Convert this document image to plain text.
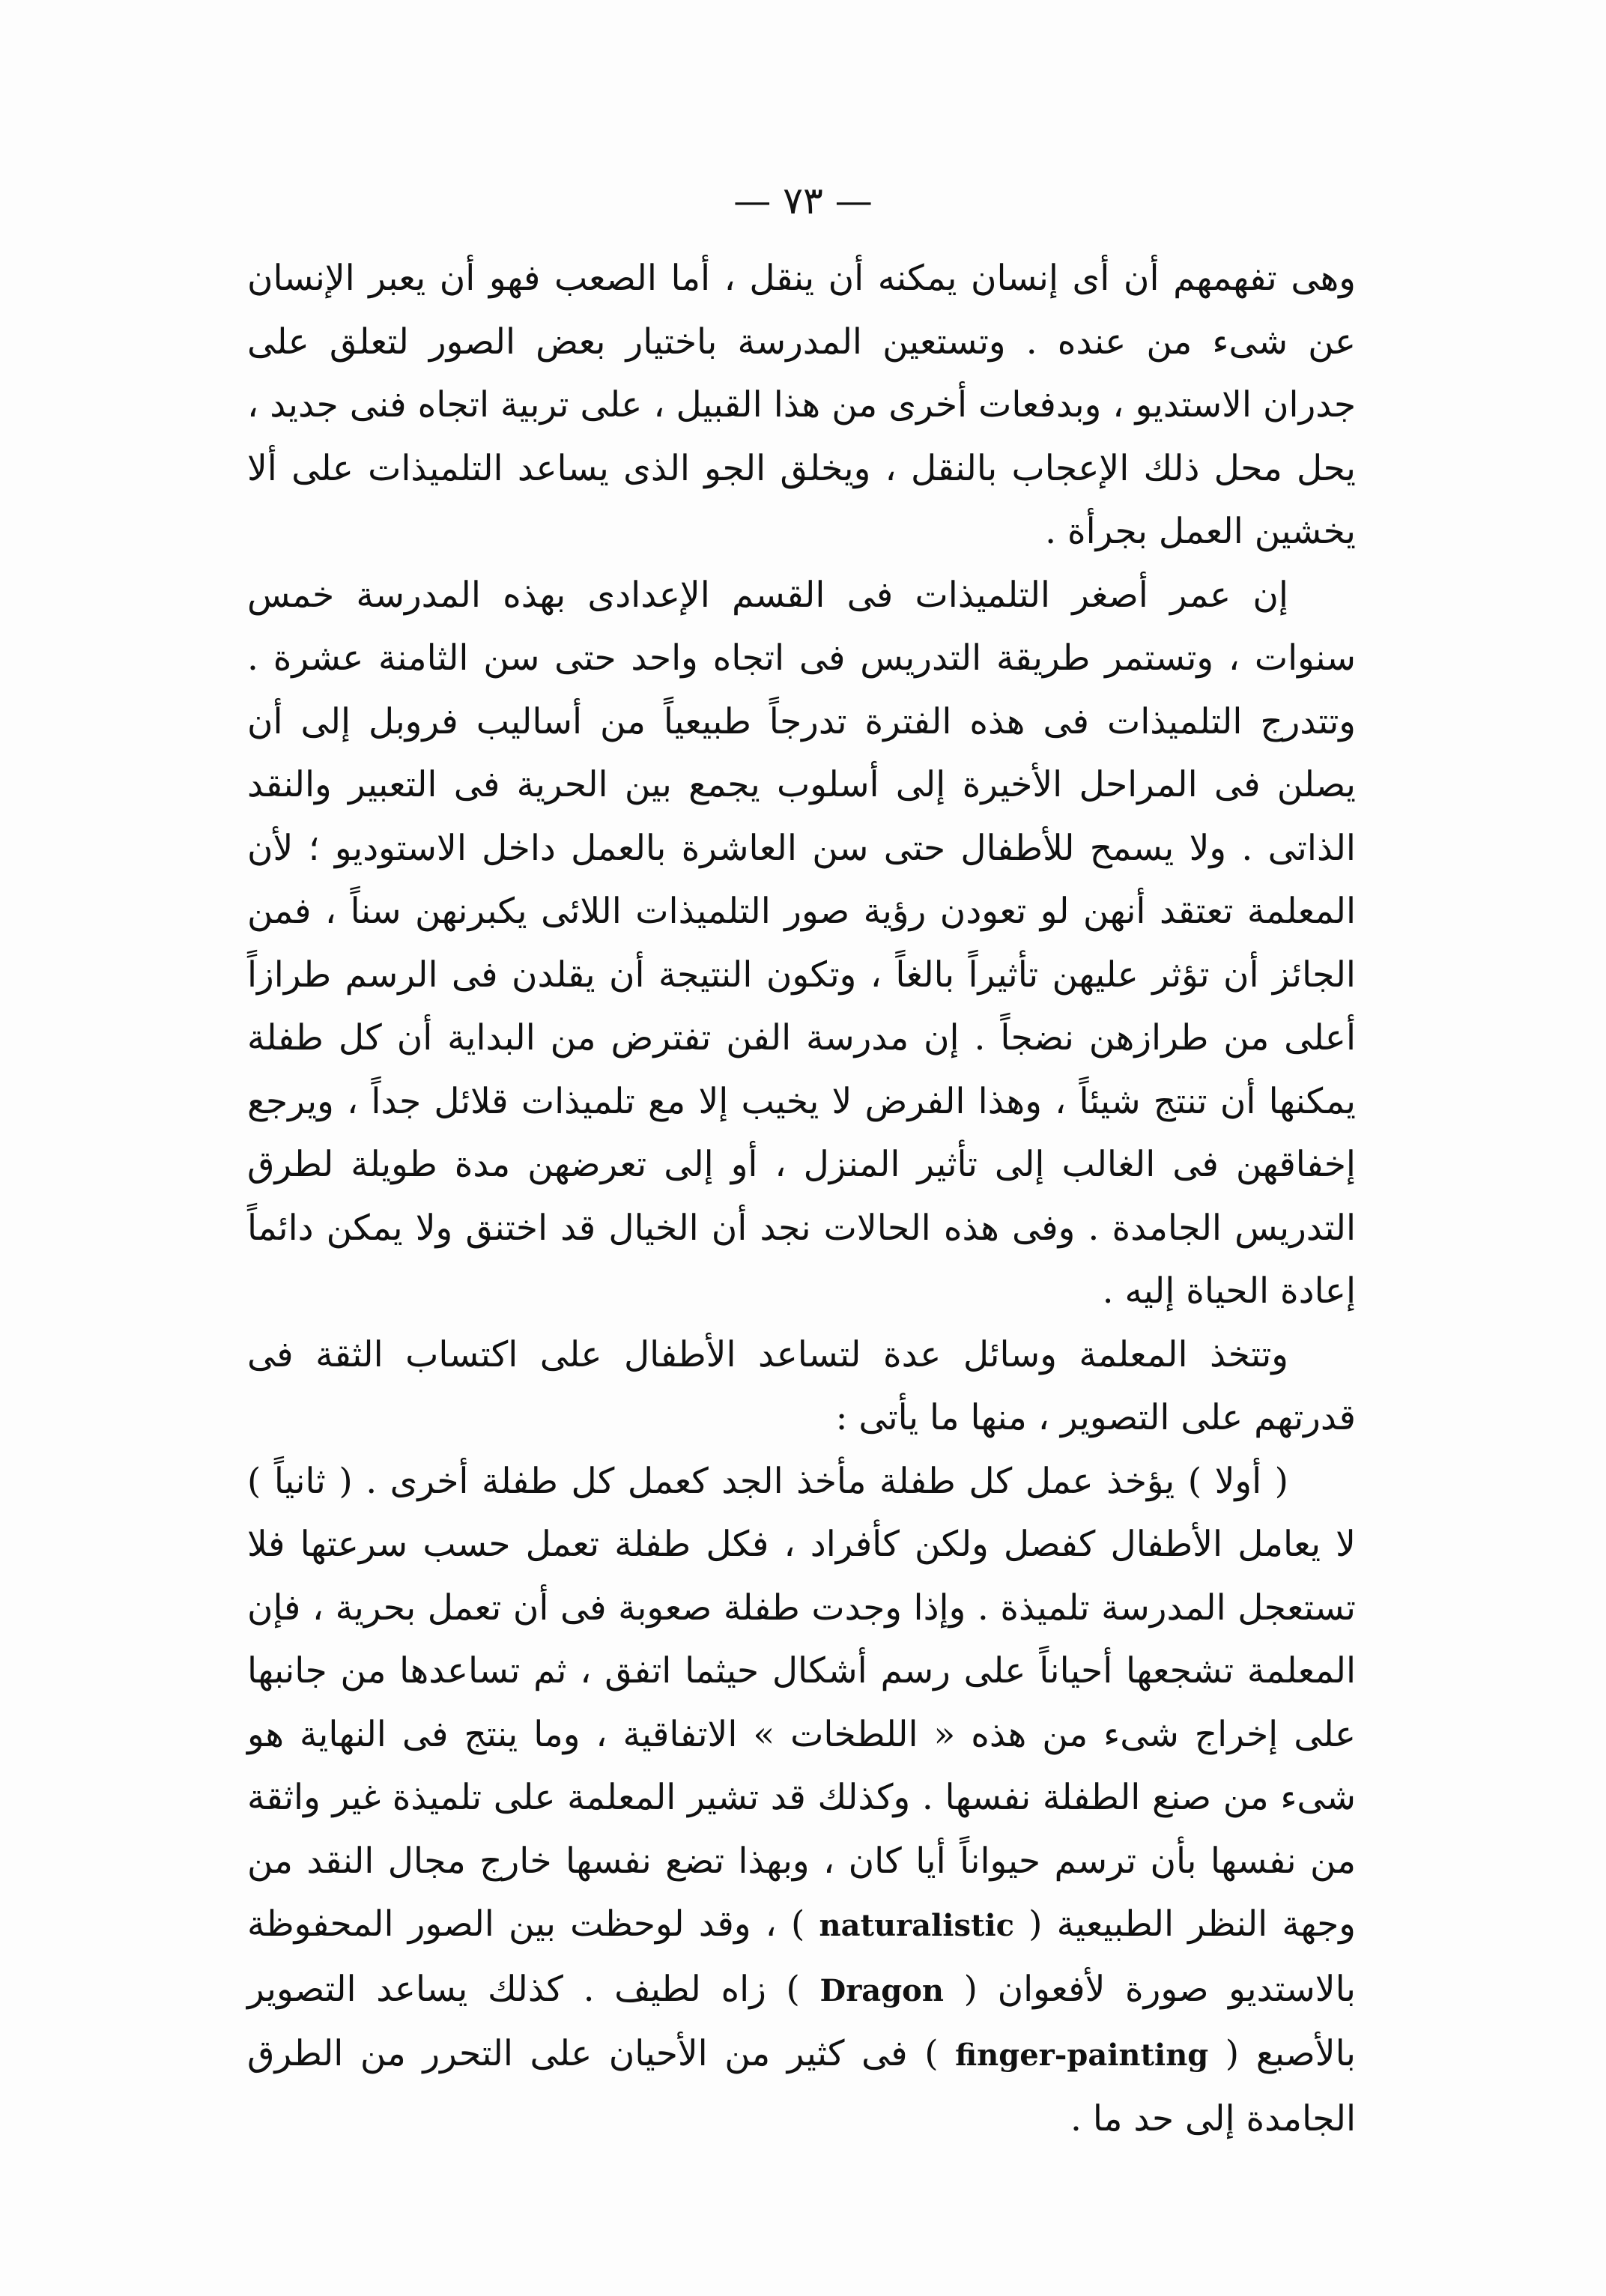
— ٧٣ —

وهى تفهمهم أن أى إنسان يمكنه أن ينقل ، أما الصعب فهو أن يعبر الإنسان عن شىء من عنده . وتستعين المدرسة باختيار بعض الصور لتعلق على جدران الاستديو ، وبدفعات أخرى من هذا القبيل ، على تربية اتجاه فنى جديد ، يحل محل ذلك الإعجاب بالنقل ، ويخلق الجو الذى يساعد التلميذات على ألا يخشين العمل بجرأة .

إن عمر أصغر التلميذات فى القسم الإعدادى بهذه المدرسة خمس سنوات ، وتستمر طريقة التدريس فى اتجاه واحد حتى سن الثامنة عشرة . وتتدرج التلميذات فى هذه الفترة تدرجاً طبيعياً من أساليب فروبل إلى أن يصلن فى المراحل الأخيرة إلى أسلوب يجمع بين الحرية فى التعبير والنقد الذاتى . ولا يسمح للأطفال حتى سن العاشرة بالعمل داخل الاستوديو ؛ لأن المعلمة تعتقد أنهن لو تعودن رؤية صور التلميذات اللائى يكبرنهن سناً ، فمن الجائز أن تؤثر عليهن تأثيراً بالغاً ، وتكون النتيجة أن يقلدن فى الرسم طرازاً أعلى من طرازهن نضجاً . إن مدرسة الفن تفترض من البداية أن كل طفلة يمكنها أن تنتج شيئاً ، وهذا الفرض لا يخيب إلا مع تلميذات قلائل جداً ، ويرجع إخفاقهن فى الغالب إلى تأثير المنزل ، أو إلى تعرضهن مدة طويلة لطرق التدريس الجامدة . وفى هذه الحالات نجد أن الخيال قد اختنق ولا يمكن دائماً إعادة الحياة إليه .

وتتخذ المعلمة وسائل عدة لتساعد الأطفال على اكتساب الثقة فى قدرتهم على التصوير ، منها ما يأتى :

( أولا ) يؤخذ عمل كل طفلة مأخذ الجد كعمل كل طفلة أخرى . ( ثانياً ) لا يعامل الأطفال كفصل ولكن كأفراد ، فكل طفلة تعمل حسب سرعتها فلا تستعجل المدرسة تلميذة . وإذا وجدت طفلة صعوبة فى أن تعمل بحرية ، فإن المعلمة تشجعها أحياناً على رسم أشكال حيثما اتفق ، ثم تساعدها من جانبها على إخراج شىء من هذه « اللطخات » الاتفاقية ، وما ينتج فى النهاية هو شىء من صنع الطفلة نفسها . وكذلك قد تشير المعلمة على تلميذة غير واثقة من نفسها بأن ترسم حيواناً أيا كان ، وبهذا تضع نفسها خارج مجال النقد من وجهة النظر الطبيعية ( naturalistic ) ، وقد لوحظت بين الصور المحفوظة بالاستديو صورة لأفعوان ( Dragon ) زاه لطيف . كذلك يساعد التصوير بالأصبع ( finger-painting ) فى كثير من الأحيان على التحرر من الطرق الجامدة إلى حد ما .
